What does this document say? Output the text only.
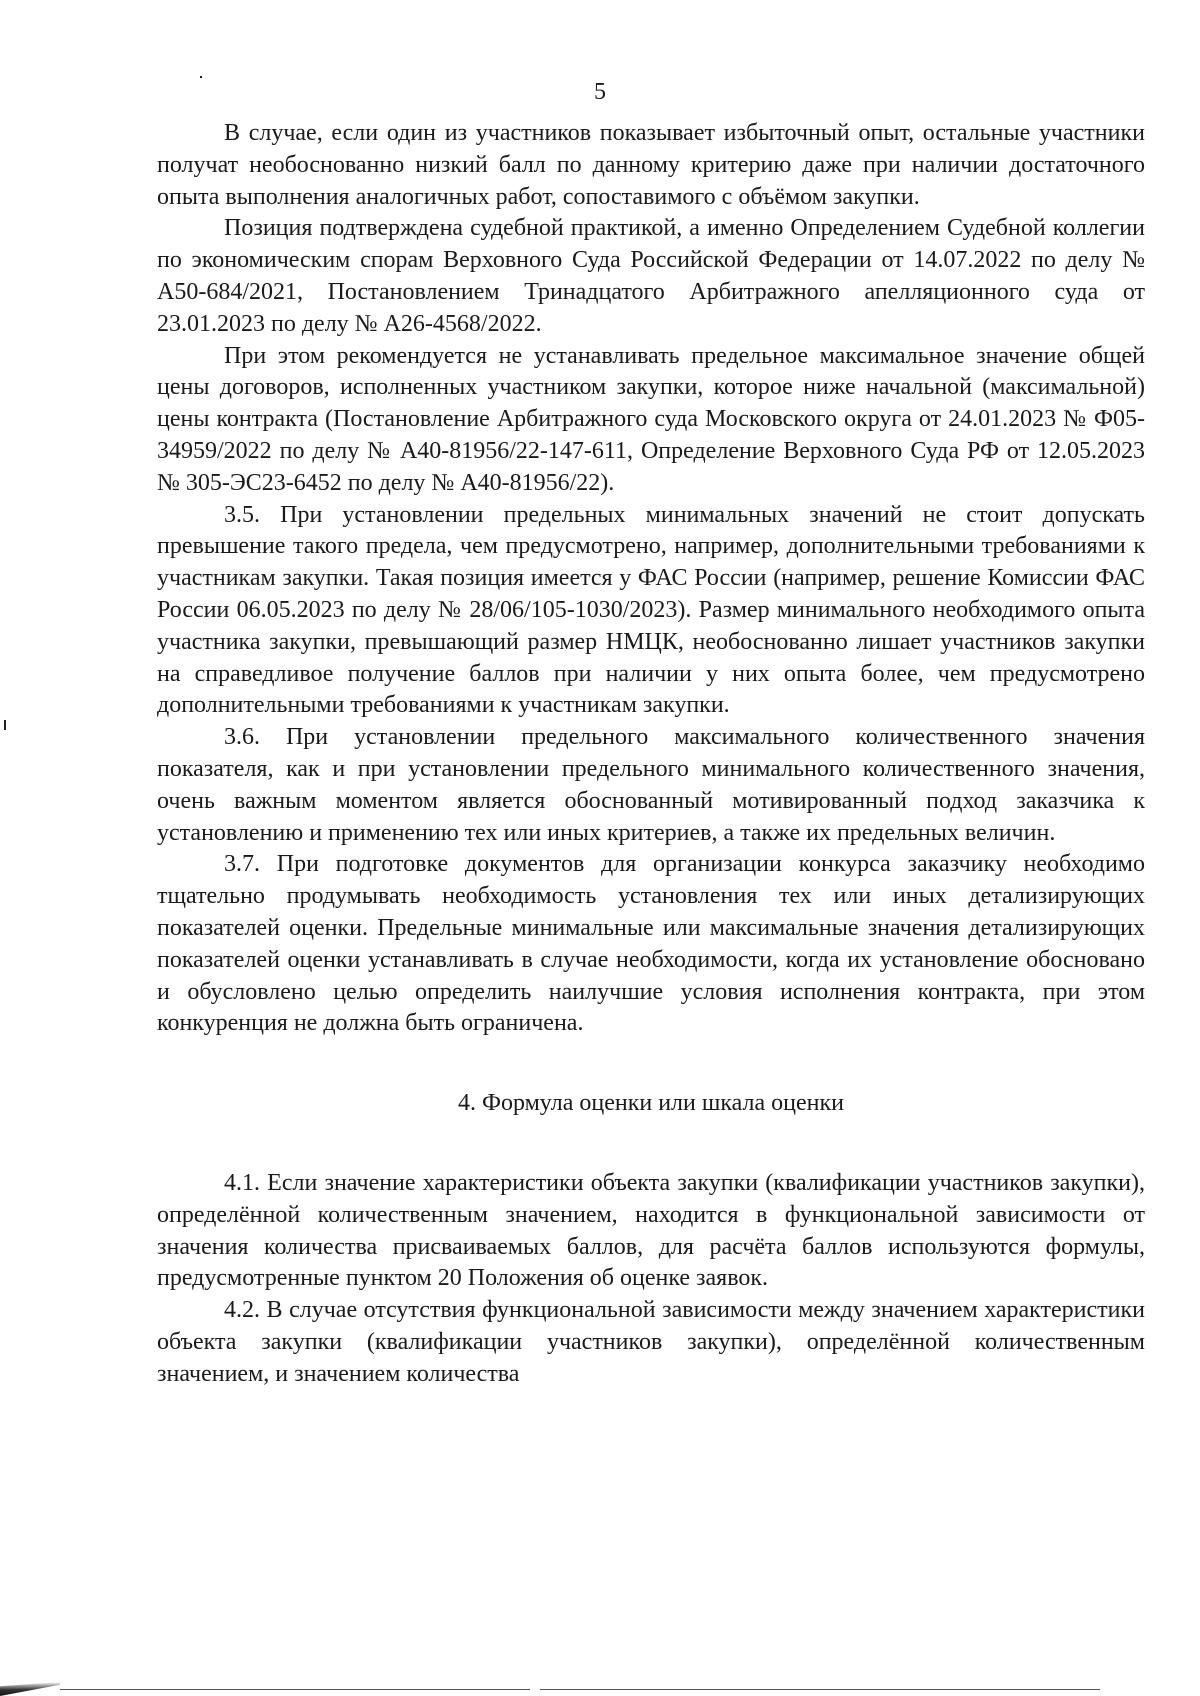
5

В случае, если один из участников показывает избыточный опыт, остальные участники получат необоснованно низкий балл по данному критерию даже при наличии достаточного опыта выполнения аналогичных работ, сопоставимого с объёмом закупки.

Позиция подтверждена судебной практикой, а именно Определением Судебной коллегии по экономическим спорам Верховного Суда Российской Федерации от 14.07.2022 по делу № А50-684/2021, Постановлением Тринадцатого Арбитражного апелляционного суда от 23.01.2023 по делу № А26-4568/2022.

При этом рекомендуется не устанавливать предельное максимальное значение общей цены договоров, исполненных участником закупки, которое ниже начальной (максимальной) цены контракта (Постановление Арбитражного суда Московского округа от 24.01.2023 № Ф05-34959/2022 по делу № А40-81956/22-147-611, Определение Верховного Суда РФ от 12.05.2023 № 305-ЭС23-6452 по делу № А40-81956/22).

3.5. При установлении предельных минимальных значений не стоит допускать превышение такого предела, чем предусмотрено, например, дополнительными требованиями к участникам закупки. Такая позиция имеется у ФАС России (например, решение Комиссии ФАС России 06.05.2023 по делу № 28/06/105-1030/2023). Размер минимального необходимого опыта участника закупки, превышающий размер НМЦК, необоснованно лишает участников закупки на справедливое получение баллов при наличии у них опыта более, чем предусмотрено дополнительными требованиями к участникам закупки.

3.6. При установлении предельного максимального количественного значения показателя, как и при установлении предельного минимального количественного значения, очень важным моментом является обоснованный мотивированный подход заказчика к установлению и применению тех или иных критериев, а также их предельных величин.

3.7. При подготовке документов для организации конкурса заказчику необходимо тщательно продумывать необходимость установления тех или иных детализирующих показателей оценки. Предельные минимальные или максимальные значения детализирующих показателей оценки устанавливать в случае необходимости, когда их установление обосновано и обусловлено целью определить наилучшие условия исполнения контракта, при этом конкуренция не должна быть ограничена.

4. Формула оценки или шкала оценки

4.1. Если значение характеристики объекта закупки (квалификации участников закупки), определённой количественным значением, находится в функциональной зависимости от значения количества присваиваемых баллов, для расчёта баллов используются формулы, предусмотренные пунктом 20 Положения об оценке заявок.

4.2. В случае отсутствия функциональной зависимости между значением характеристики объекта закупки (квалификации участников закупки), определённой количественным значением, и значением количества
